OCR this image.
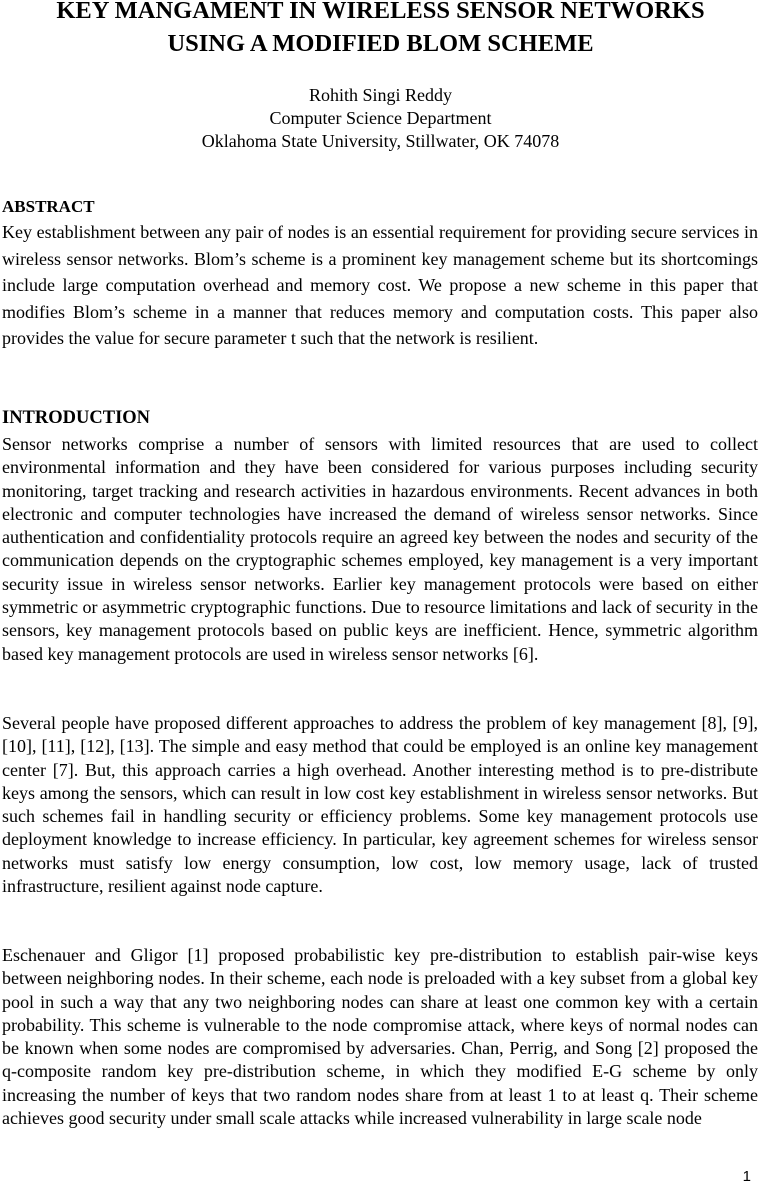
KEY MANGAMENT IN WIRELESS SENSOR NETWORKS
USING A MODIFIED BLOM SCHEME
Rohith Singi Reddy
Computer Science Department
Oklahoma State University, Stillwater, OK 74078
ABSTRACT

Key establishment between any pair of nodes is an essential requirement for providing secure services in wireless sensor networks. Blom’s scheme is a prominent key management scheme but its shortcomings include large computation overhead and memory cost. We propose a new scheme in this paper that modifies Blom’s scheme in a manner that reduces memory and computation costs. This paper also provides the value for secure parameter t such that the network is resilient.

INTRODUCTION

Sensor networks comprise a number of sensors with limited resources that are used to collect environmental information and they have been considered for various purposes including security monitoring, target tracking and research activities in hazardous environments. Recent advances in both electronic and computer technologies have increased the demand of wireless sensor networks. Since authentication and confidentiality protocols require an agreed key between the nodes and security of the communication depends on the cryptographic schemes employed, key management is a very important security issue in wireless sensor networks. Earlier key management protocols were based on either symmetric or asymmetric cryptographic functions. Due to resource limitations and lack of security in the sensors, key management protocols based on public keys are inefficient. Hence, symmetric algorithm based key management protocols are used in wireless sensor networks [6].

Several people have proposed different approaches to address the problem of key management [8], [9], [10], [11], [12], [13]. The simple and easy method that could be employed is an online key management center [7]. But, this approach carries a high overhead. Another interesting method is to pre-distribute keys among the sensors, which can result in low cost key establishment in wireless sensor networks. But such schemes fail in handling security or efficiency problems. Some key management protocols use deployment knowledge to increase efficiency. In particular, key agreement schemes for wireless sensor networks must satisfy low energy consumption, low cost, low memory usage, lack of trusted infrastructure, resilient against node capture.

Eschenauer and Gligor [1] proposed probabilistic key pre-distribution to establish pair-wise keys between neighboring nodes. In their scheme, each node is preloaded with a key subset from a global key pool in such a way that any two neighboring nodes can share at least one common key with a certain probability. This scheme is vulnerable to the node compromise attack, where keys of normal nodes can be known when some nodes are compromised by adversaries. Chan, Perrig, and Song [2] proposed the q-composite random key pre-distribution scheme, in which they modified E-G scheme by only increasing the number of keys that two random nodes share from at least 1 to at least q. Their scheme achieves good security under small scale attacks while increased vulnerability in large scale node

1
